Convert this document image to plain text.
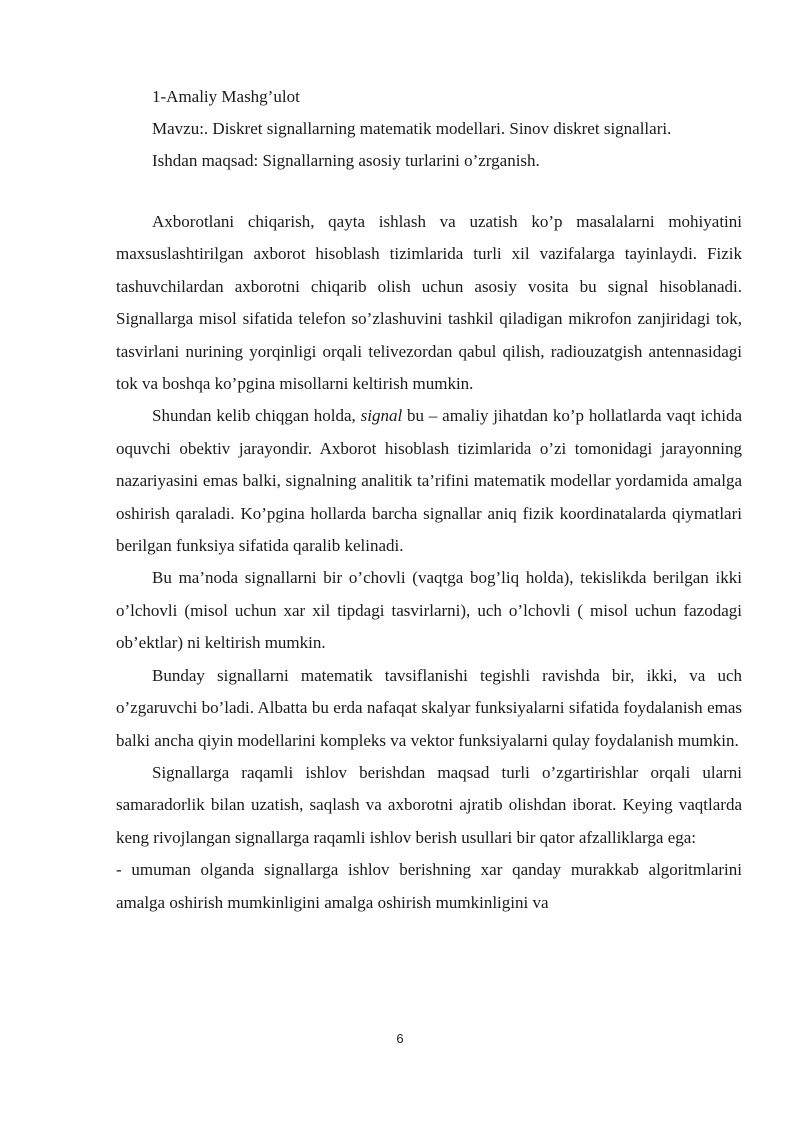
1-Amaliy Mashg’ulot
Mavzu:. Diskret signallarning matematik modellari. Sinov diskret signallari.
Ishdan maqsad: Signallarning asosiy turlarini o’zrganish.

Axborotlani chiqarish, qayta ishlash va uzatish ko’p masalalarni mohiyatini maxsuslashtirilgan axborot hisoblash tizimlarida turli xil vazifalarga tayinlaydi. Fizik tashuvchilardan axborotni chiqarib olish uchun asosiy vosita bu signal hisoblanadi. Signallarga misol sifatida telefon so’zlashuvini tashkil qiladigan mikrofon zanjiridagi tok, tasvirlani nurining yorqinligi orqali telivezordan qabul qilish, radiouzatgish antennasidagi tok va boshqa ko’pgina misollarni keltirish mumkin.

Shundan kelib chiqgan holda, signal bu – amaliy jihatdan ko’p hollatlarda vaqt ichida oquvchi obektiv jarayondir. Axborot hisoblash tizimlarida o’zi tomonidagi jarayonning nazariyasini emas balki, signalning analitik ta’rifini matematik modellar yordamida amalga oshirish qaraladi. Ko’pgina hollarda barcha signallar aniq fizik koordinatalarda qiymatlari berilgan funksiya sifatida qaralib kelinadi.

Bu ma’noda signallarni bir o’chovli (vaqtga bog’liq holda), tekislikda berilgan ikki o’lchovli (misol uchun xar xil tipdagi tasvirlarni), uch o’lchovli ( misol uchun fazodagi ob’ektlar) ni keltirish mumkin.

Bunday signallarni matematik tavsiflanishi tegishli ravishda bir, ikki, va uch o’zgaruvchi bo’ladi. Albatta bu erda nafaqat skalyar funksiyalarni sifatida foydalanish emas balki ancha qiyin modellarini kompleks va vektor funksiyalarni qulay foydalanish mumkin.

Signallarga raqamli ishlov berishdan maqsad turli o’zgartirishlar orqali ularni samaradorlik bilan uzatish, saqlash va axborotni ajratib olishdan iborat. Keying vaqtlarda keng rivojlangan signallarga raqamli ishlov berish usullari bir qator afzalliklarga ega:

- umuman olganda signallarga ishlov berishning xar qanday murakkab algoritmlarini amalga oshirish mumkinligini amalga oshirish mumkinligini va

6
